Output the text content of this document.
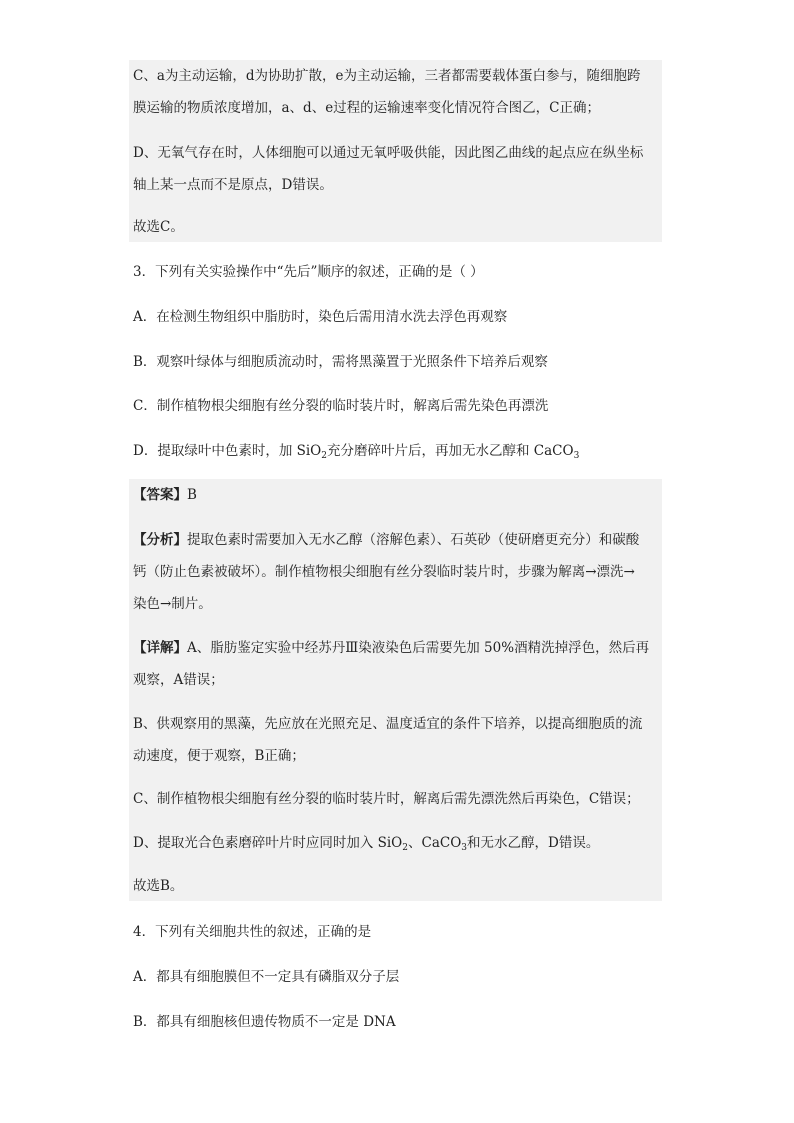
C、a为主动运输，d为协助扩散，e为主动运输，三者都需要载体蛋白参与，随细胞跨
膜运输的物质浓度增加，a、d、e过程的运输速率变化情况符合图乙，C正确；
D、无氧气存在时，人体细胞可以通过无氧呼吸供能，因此图乙曲线的起点应在纵坐标
轴上某一点而不是原点，D错误。
故选C。
3．下列有关实验操作中“先后”顺序的叙述，正确的是（ ）
A．在检测生物组织中脂肪时，染色后需用清水洗去浮色再观察
B．观察叶绿体与细胞质流动时，需将黑藻置于光照条件下培养后观察
C．制作植物根尖细胞有丝分裂的临时装片时，解离后需先染色再漂洗
D．提取绿叶中色素时，加 SiO$_2$充分磨碎叶片后，再加无水乙醇和 CaCO$_3$
【答案】B
【分析】提取色素时需要加入无水乙醇（溶解色素）、石英砂（使研磨更充分）和碳酸
钙（防止色素被破坏）。制作植物根尖细胞有丝分裂临时装片时，步骤为解离→漂洗→
染色→制片。
【详解】A、脂肪鉴定实验中经苏丹Ⅲ染液染色后需要先加 50%酒精洗掉浮色，然后再
观察，A错误；
B、供观察用的黑藻，先应放在光照充足、温度适宜的条件下培养，以提高细胞质的流
动速度，便于观察，B正确；
C、制作植物根尖细胞有丝分裂的临时装片时，解离后需先漂洗然后再染色，C错误；
D、提取光合色素磨碎叶片时应同时加入 SiO$_2$、CaCO$_3$和无水乙醇，D错误。
故选B。
4．下列有关细胞共性的叙述，正确的是
A．都具有细胞膜但不一定具有磷脂双分子层
B．都具有细胞核但遗传物质不一定是 DNA
